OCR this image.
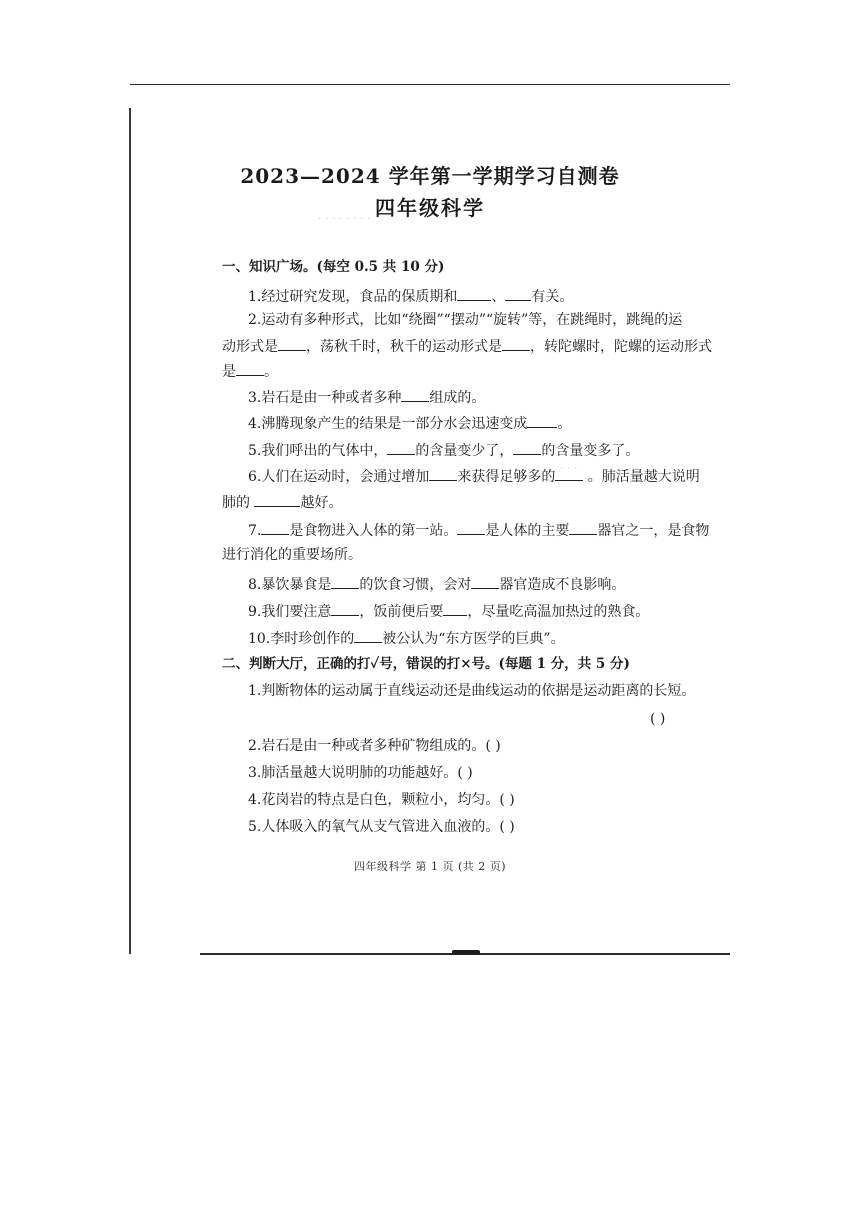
· · · · · · · ·
· · ·
2023—2024 学年第一学期学习自测卷
四年级科学
一、知识广场。(每空 0.5 共 10 分)
1.经过研究发现，食品的保质期和 、 有关。
2.运动有多种形式，比如“绕圈”“摆动”“旋转”等，在跳绳时，跳绳的运
动形式是 ，荡秋千时，秋千的运动形式是 ，转陀螺时，陀螺的运动形式
是 。
3.岩石是由一种或者多种 组成的。
4.沸腾现象产生的结果是一部分水会迅速变成 。
5.我们呼出的气体中， 的含量变少了， 的含量变多了。
6.人们在运动时，会通过增加 来获得足够多的 。肺活量越大说明
肺的	越好。
7. 是食物进入人体的第一站。 是人体的主要 器官之一，是食物
进行消化的重要场所。
8.暴饮暴食是 的饮食习惯，会对 器官造成不良影响。
9.我们要注意 ，饭前便后要 ，尽量吃高温加热过的熟食。
10.李时珍创作的 被公认为“东方医学的巨典”。
二、判断大厅，正确的打✓号，错误的打×号。(每题 1 分，共 5 分)
1.判断物体的运动属于直线运动还是曲线运动的依据是运动距离的长短。
( )
2.岩石是由一种或者多种矿物组成的。( )
3.肺活量越大说明肺的功能越好。( )
4.花岗岩的特点是白色，颗粒小，均匀。( )
5.人体吸入的氧气从支气管进入血液的。( )
四年级科学 第 1 页 (共 2 页)
